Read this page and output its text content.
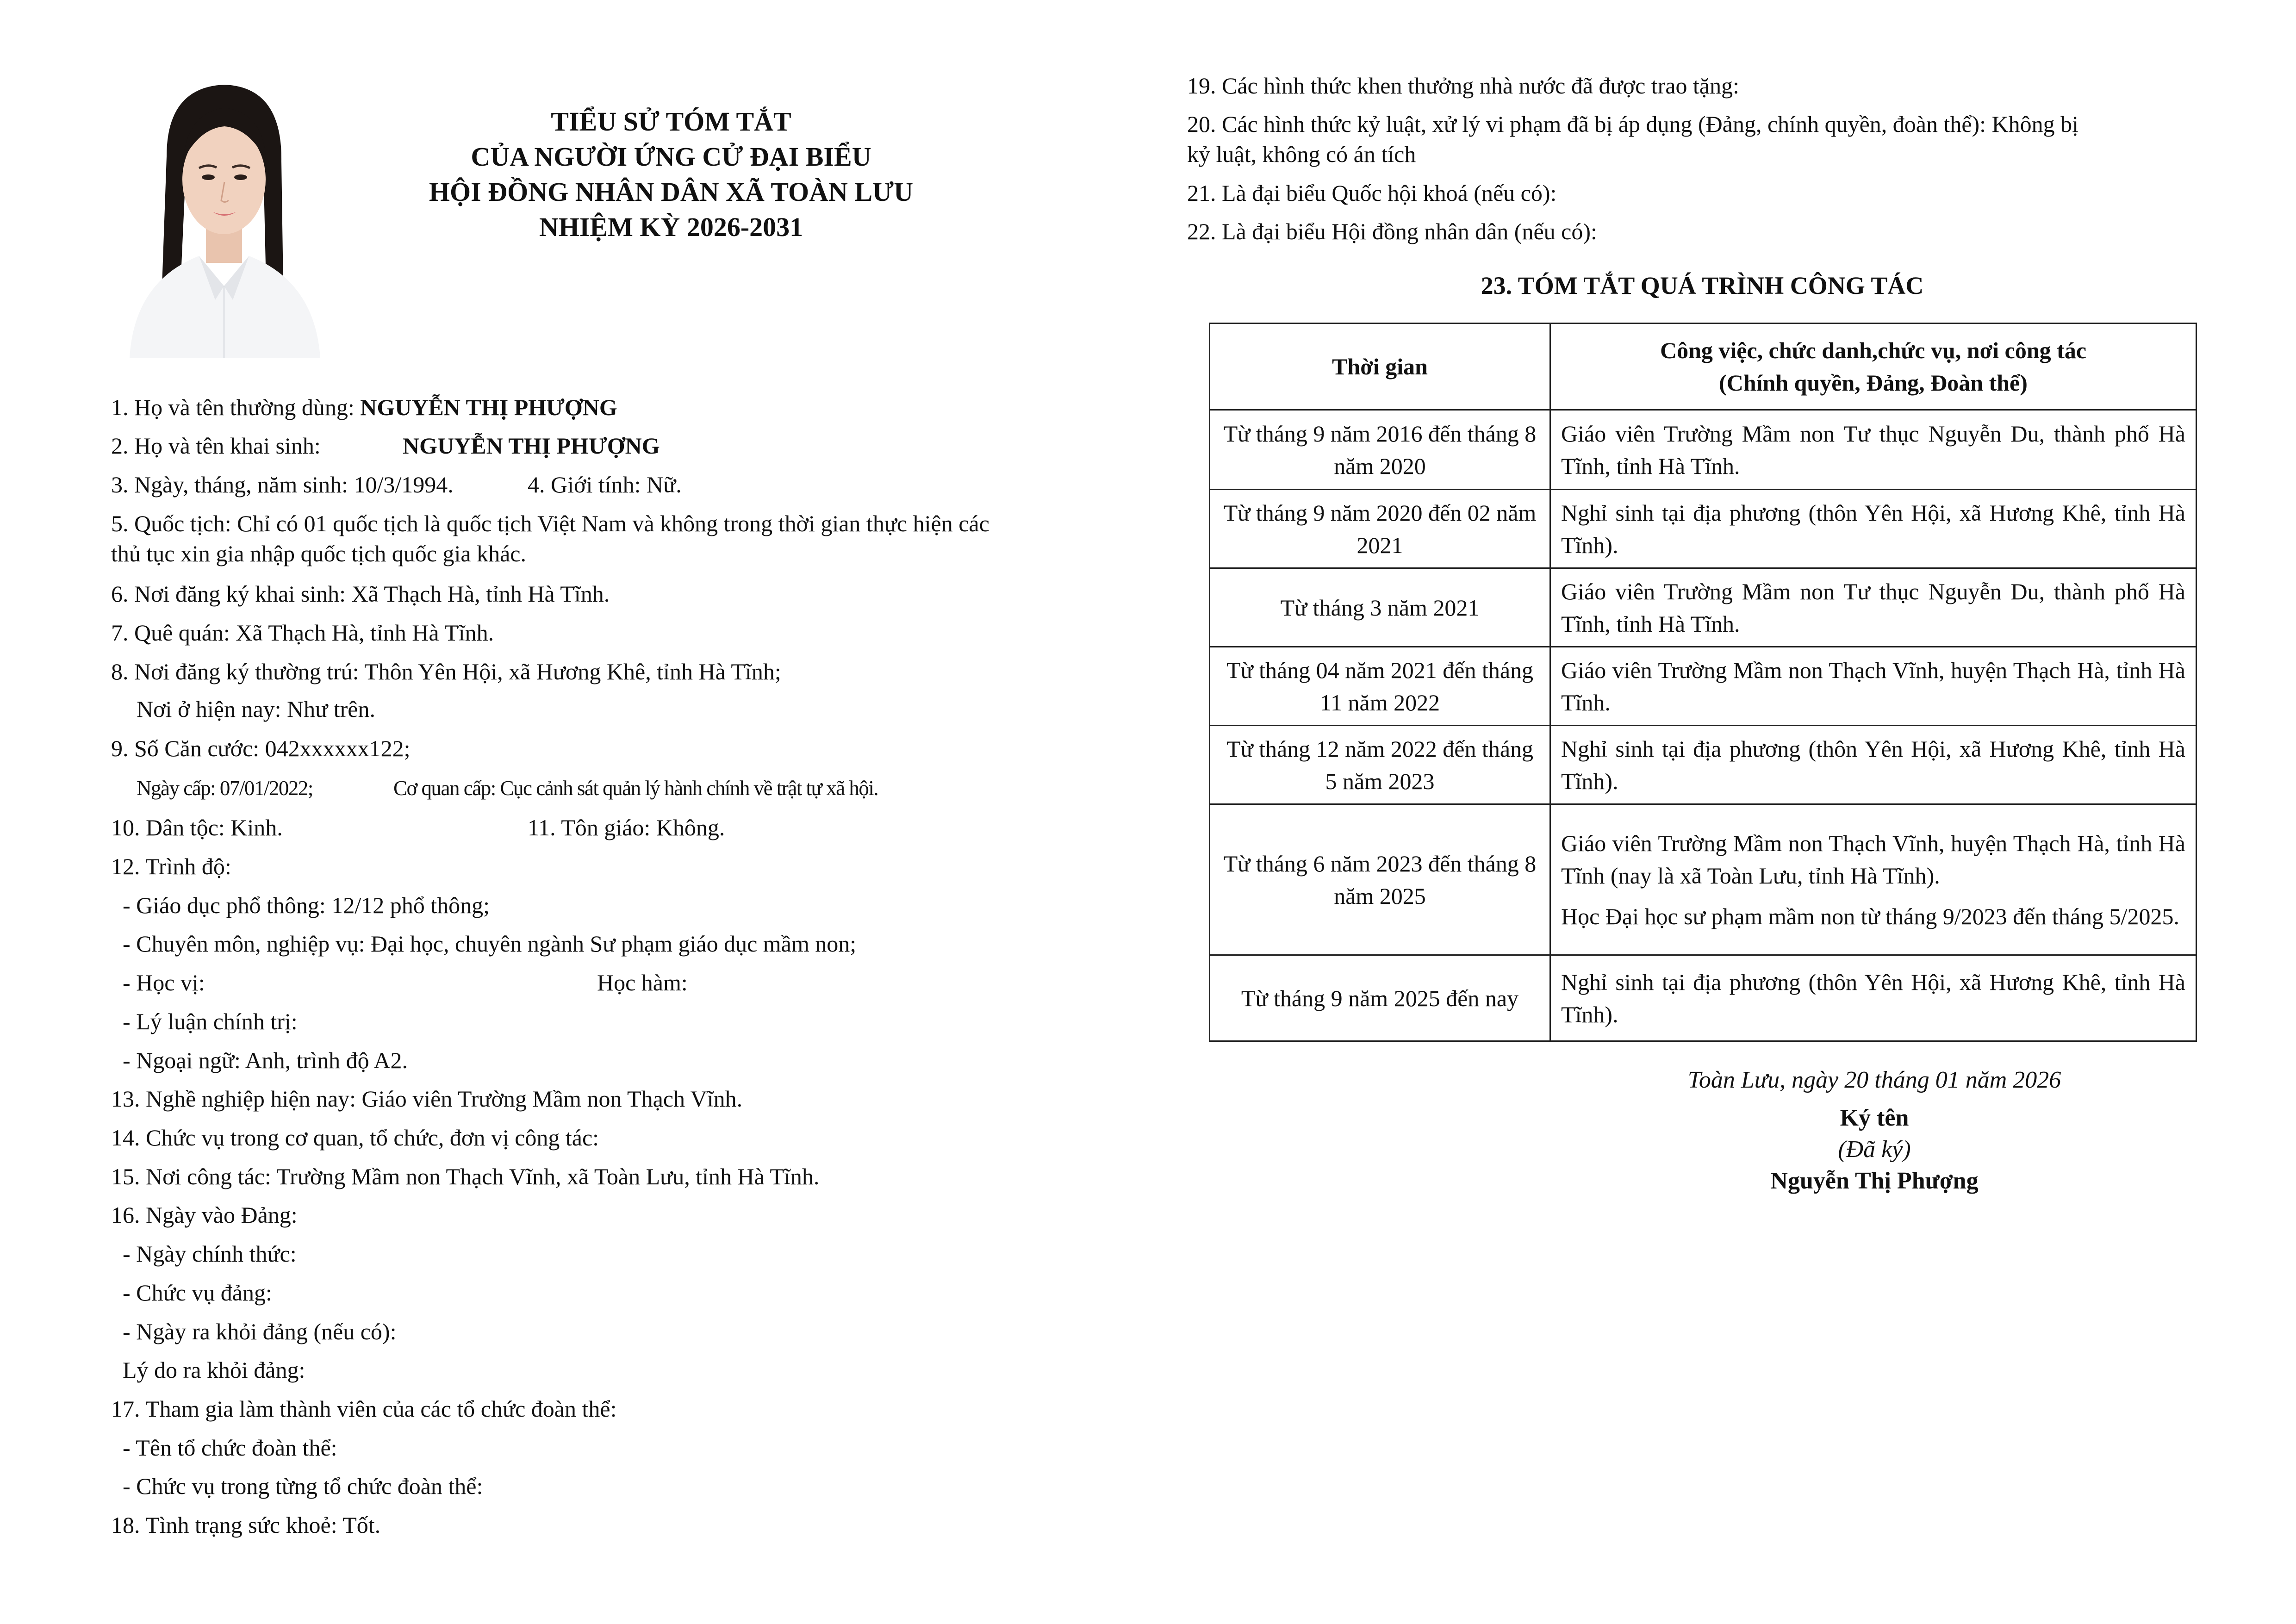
TIỂU SỬ TÓM TẮT
CỦA NGƯỜI ỨNG CỬ ĐẠI BIỂU
HỘI ĐỒNG NHÂN DÂN XÃ TOÀN LƯU
NHIỆM KỲ 2026-2031
1. Họ và tên thường dùng: NGUYỄN THỊ PHƯỢNG
2. Họ và tên khai sinh:	NGUYỄN THỊ PHƯỢNG
3. Ngày, tháng, năm sinh: 10/3/1994.	4. Giới tính: Nữ.
5. Quốc tịch: Chỉ có 01 quốc tịch là quốc tịch Việt Nam và không trong thời gian thực hiện các
thủ tục xin gia nhập quốc tịch quốc gia khác.
6. Nơi đăng ký khai sinh: Xã Thạch Hà, tỉnh Hà Tĩnh.
7. Quê quán: Xã Thạch Hà, tỉnh Hà Tĩnh.
8. Nơi đăng ký thường trú: Thôn Yên Hội, xã Hương Khê, tỉnh Hà Tĩnh;
Nơi ở hiện nay: Như trên.
9. Số Căn cước: 042xxxxxx122;
Ngày cấp: 07/01/2022;	Cơ quan cấp: Cục cảnh sát quản lý hành chính về trật tự xã hội.
10. Dân tộc: Kinh.	11. Tôn giáo: Không.
12. Trình độ:
- Giáo dục phổ thông: 12/12 phổ thông;
- Chuyên môn, nghiệp vụ: Đại học, chuyên ngành Sư phạm giáo dục mầm non;
- Học vị:	Học hàm:
- Lý luận chính trị:
- Ngoại ngữ: Anh, trình độ A2.
13. Nghề nghiệp hiện nay: Giáo viên Trường Mầm non Thạch Vĩnh.
14. Chức vụ trong cơ quan, tổ chức, đơn vị công tác:
15. Nơi công tác: Trường Mầm non Thạch Vĩnh, xã Toàn Lưu, tỉnh Hà Tĩnh.
16. Ngày vào Đảng:
- Ngày chính thức:
- Chức vụ đảng:
- Ngày ra khỏi đảng (nếu có):
Lý do ra khỏi đảng:
17. Tham gia làm thành viên của các tổ chức đoàn thể:
- Tên tổ chức đoàn thể:
- Chức vụ trong từng tổ chức đoàn thể:
18. Tình trạng sức khoẻ: Tốt.
19. Các hình thức khen thưởng nhà nước đã được trao tặng:
20. Các hình thức kỷ luật, xử lý vi phạm đã bị áp dụng (Đảng, chính quyền, đoàn thể): Không bị
kỷ luật, không có án tích
21. Là đại biểu Quốc hội khoá (nếu có):
22. Là đại biểu Hội đồng nhân dân (nếu có):
23. TÓM TẮT QUÁ TRÌNH CÔNG TÁC
Thời gian	Công việc, chức danh,chức vụ, nơi công tác
(Chính quyền, Đảng, Đoàn thể)

Từ tháng 9 năm 2016 đến tháng 8 năm 2020	Giáo viên Trường Mầm non Tư thục Nguyễn Du, thành phố Hà Tĩnh, tỉnh Hà Tĩnh.

Từ tháng 9 năm 2020 đến 02 năm 2021	Nghỉ sinh tại địa phương (thôn Yên Hội, xã Hương Khê, tỉnh Hà Tĩnh).

Từ tháng 3 năm 2021	Giáo viên Trường Mầm non Tư thục Nguyễn Du, thành phố Hà Tĩnh, tỉnh Hà Tĩnh.

Từ tháng 04 năm 2021 đến tháng 11 năm 2022	Giáo viên Trường Mầm non Thạch Vĩnh, huyện Thạch Hà, tỉnh Hà Tĩnh.

Từ tháng 12 năm 2022 đến tháng 5 năm 2023	Nghỉ sinh tại địa phương (thôn Yên Hội, xã Hương Khê, tỉnh Hà Tĩnh).

Từ tháng 6 năm 2023 đến tháng 8 năm 2025	Giáo viên Trường Mầm non Thạch Vĩnh, huyện Thạch Hà, tỉnh Hà Tĩnh (nay là xã Toàn Lưu, tỉnh Hà Tĩnh).
Học Đại học sư phạm mầm non từ tháng 9/2023 đến tháng 5/2025.

Từ tháng 9 năm 2025 đến nay	Nghỉ sinh tại địa phương (thôn Yên Hội, xã Hương Khê, tỉnh Hà Tĩnh).
Toàn Lưu, ngày 20 tháng 01 năm 2026
Ký tên
(Đã ký)
Nguyễn Thị Phượng
